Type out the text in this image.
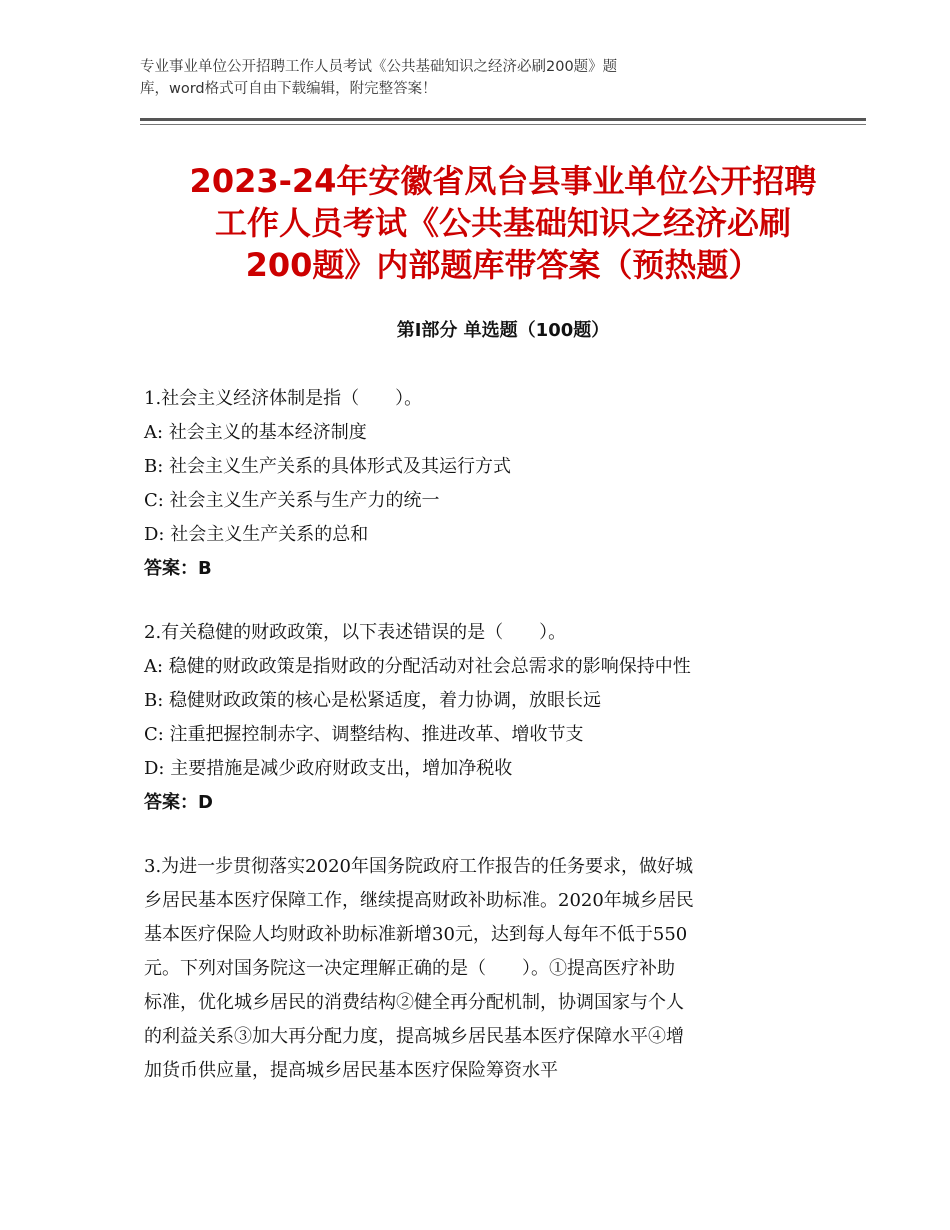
专业事业单位公开招聘工作人员考试《公共基础知识之经济必刷200题》题
库，word格式可自由下载编辑，附完整答案！
2023-24年安徽省凤台县事业单位公开招聘
工作人员考试《公共基础知识之经济必刷
200题》内部题库带答案（预热题）
第Ⅰ部分 单选题（100题）
1.社会主义经济体制是指（　　）。
A: 社会主义的基本经济制度
B: 社会主义生产关系的具体形式及其运行方式
C: 社会主义生产关系与生产力的统一
D: 社会主义生产关系的总和
答案：B
2.有关稳健的财政政策，以下表述错误的是（　　）。
A: 稳健的财政政策是指财政的分配活动对社会总需求的影响保持中性
B: 稳健财政政策的核心是松紧适度，着力协调，放眼长远
C: 注重把握控制赤字、调整结构、推进改革、增收节支
D: 主要措施是减少政府财政支出，增加净税收
答案：D
3.为进一步贯彻落实2020年国务院政府工作报告的任务要求，做好城
乡居民基本医疗保障工作，继续提高财政补助标准。2020年城乡居民
基本医疗保险人均财政补助标准新增30元，达到每人每年不低于550
元。下列对国务院这一决定理解正确的是（　　）。①提高医疗补助
标准，优化城乡居民的消费结构②健全再分配机制，协调国家与个人
的利益关系③加大再分配力度，提高城乡居民基本医疗保障水平④增
加货币供应量，提高城乡居民基本医疗保险筹资水平
